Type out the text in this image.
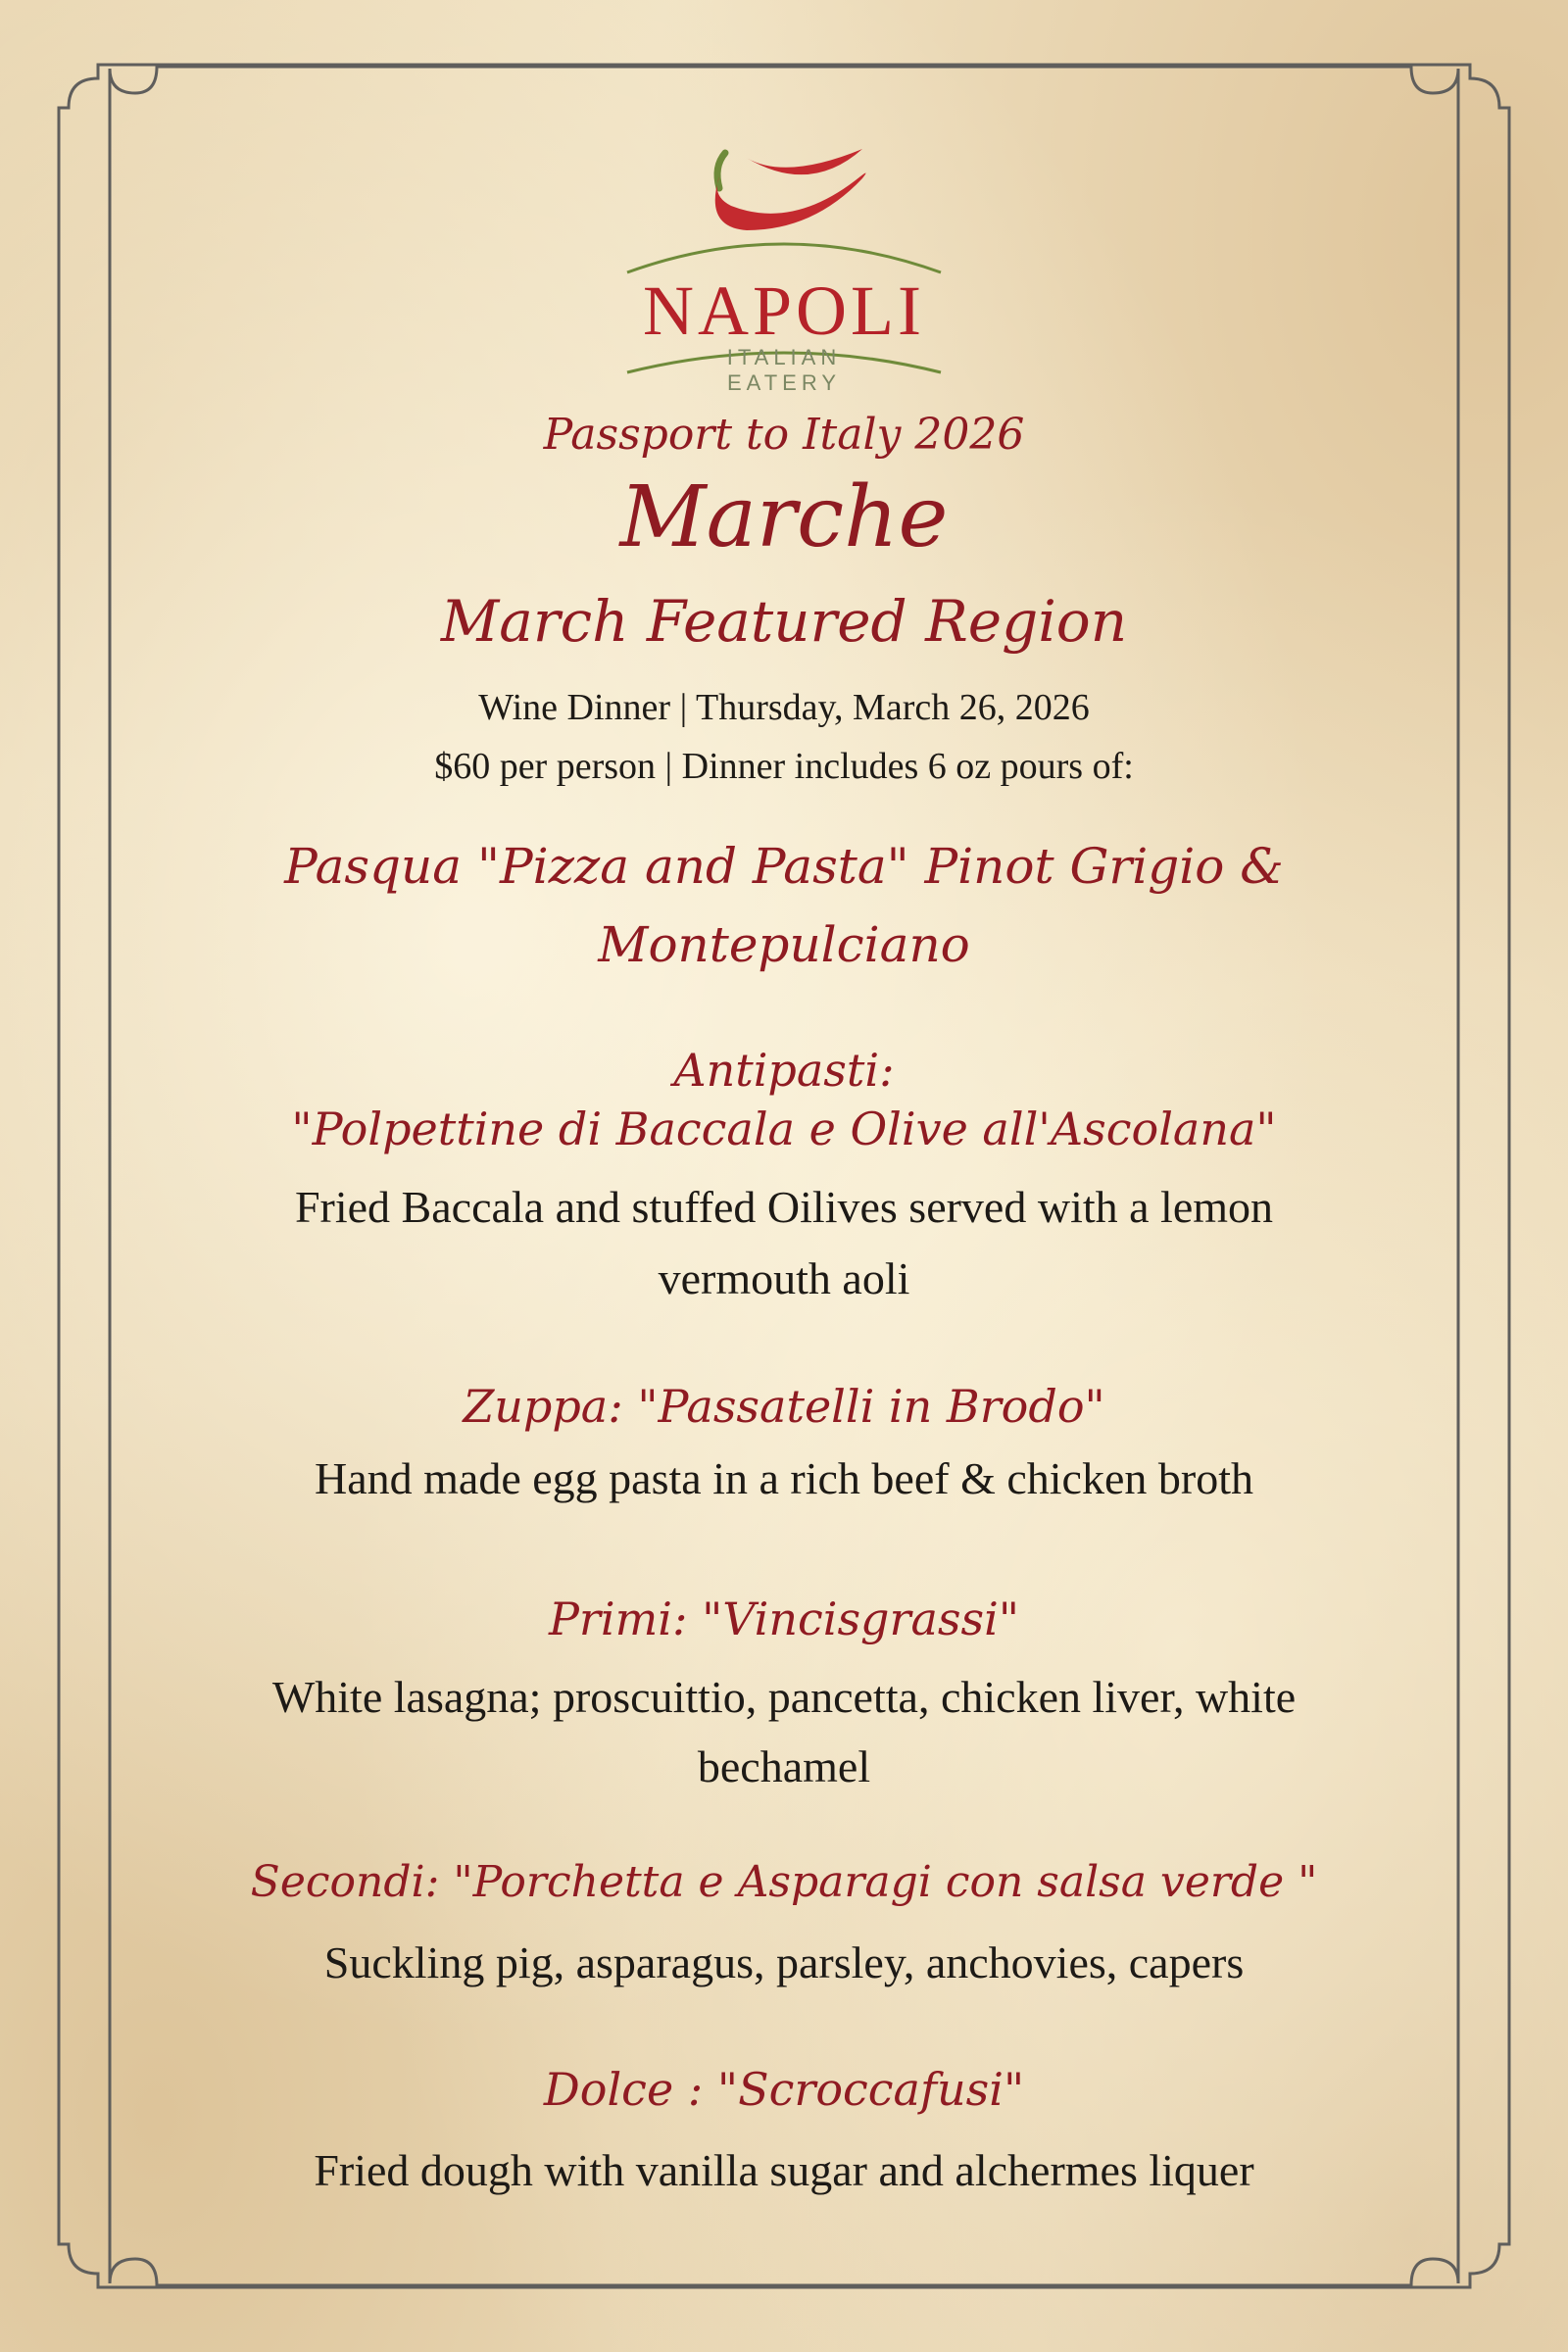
NAPOLI
ITALIAN
EATERY
Passport to Italy 2026
Marche
March Featured Region
Wine Dinner | Thursday, March 26, 2026
$60 per person | Dinner includes 6 oz pours of:
Pasqua "Pizza and Pasta" Pinot Grigio &
Montepulciano
Antipasti:
"Polpettine di Baccala e Olive all'Ascolana"
Fried Baccala and stuffed Oilives served with a lemon
vermouth aoli
Zuppa: "Passatelli in Brodo"
Hand made egg pasta in a rich beef & chicken broth
Primi: "Vincisgrassi"
White lasagna; proscuittio, pancetta, chicken liver, white
bechamel
Secondi: "Porchetta e Asparagi con salsa verde "
Suckling pig, asparagus, parsley, anchovies, capers
Dolce : "Scroccafusi"
Fried dough with vanilla sugar and alchermes liquer
